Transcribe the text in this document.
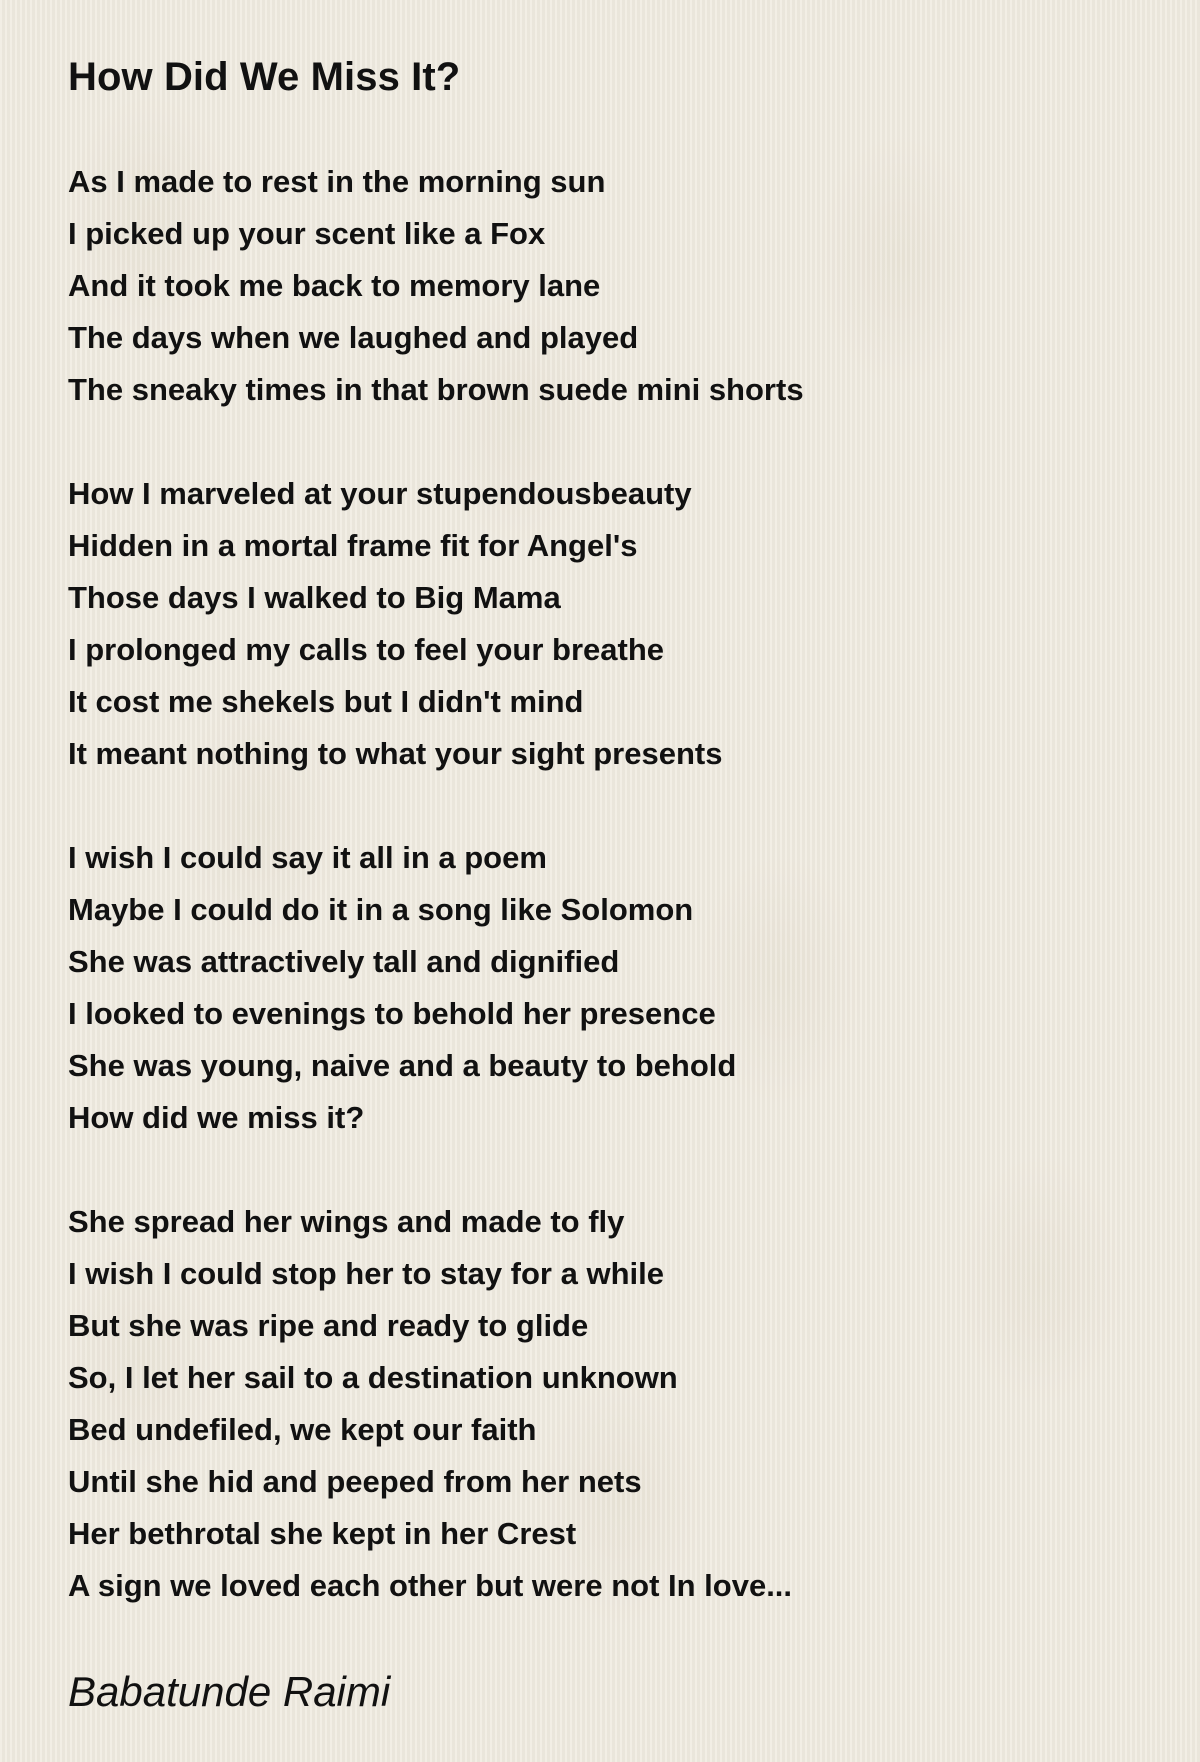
How Did We Miss It?
As I made to rest in the morning sun
I picked up your scent like a Fox
And it took me back to memory lane
The days when we laughed and played
The sneaky times in that brown suede mini shorts
How I marveled at your stupendousbeauty
Hidden in a mortal frame fit for Angel's
Those days I walked to Big Mama
I prolonged my calls to feel your breathe
It cost me shekels but I didn't mind
It meant nothing to what your sight presents
I wish I could say it all in a poem
Maybe I could do it in a song like Solomon
She was attractively tall and dignified
I looked to evenings to behold her presence
She was young, naive and a beauty to behold
How did we miss it?
She spread her wings and made to fly
I wish I could stop her to stay for a while
But she was ripe and ready to glide
So, I let her sail to a destination unknown
Bed undefiled, we kept our faith
Until she hid and peeped from her nets
Her bethrotal she kept in her Crest
A sign we loved each other but were not In love...
Babatunde Raimi
